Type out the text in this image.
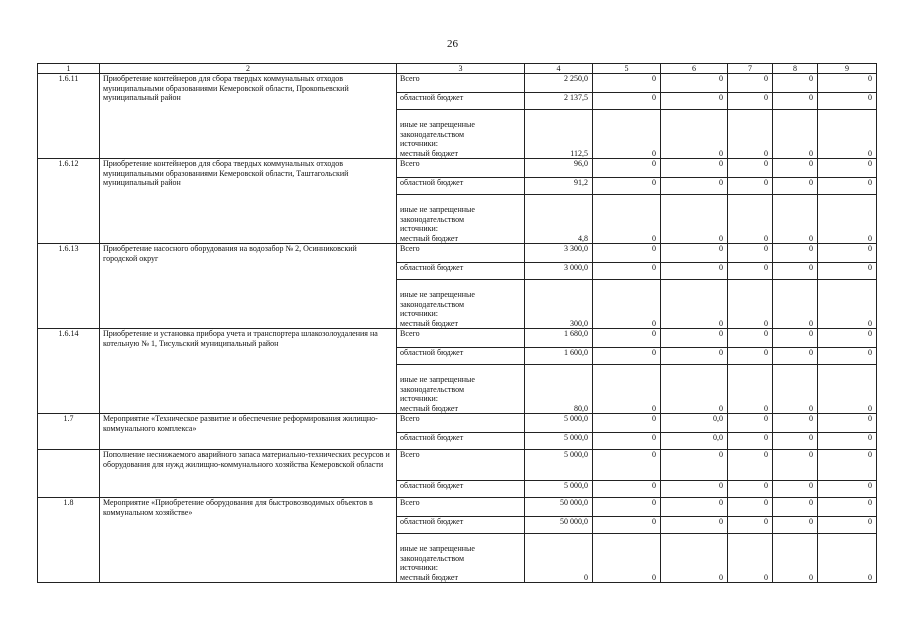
26
1	2	3	4	5	6	7	8	9
1.6.11	Приобретение контейнеров для сбора твердых коммунальных отходов муниципальными образованиями Кемеровской области, Прокопьевский муниципальный район	Всего	2 250,0	0	0	0	0	0
		областной бюджет	2 137,5	0	0	0	0	0
		иные не запрещенные
законодательством
источники:
местный бюджет	112,5	0	0	0	0	0
1.6.12	Приобретение контейнеров для сбора твердых коммунальных отходов муниципальными образованиями Кемеровской области, Таштагольский муниципальный район	Всего	96,0	0	0	0	0	0
		областной бюджет	91,2	0	0	0	0	0
		иные не запрещенные
законодательством
источники:
местный бюджет	4,8	0	0	0	0	0
1.6.13	Приобретение насосного оборудования на водозабор № 2, Осинниковский городской округ	Всего	3 300,0	0	0	0	0	0
		областной бюджет	3 000,0	0	0	0	0	0
		иные не запрещенные
законодательством
источники:
местный бюджет	300,0	0	0	0	0	0
1.6.14	Приобретение и установка прибора учета и транспортера шлакозолоудаления на котельную № 1, Тисульский муниципальный район	Всего	1 680,0	0	0	0	0	0
		областной бюджет	1 600,0	0	0	0	0	0
		иные не запрещенные
законодательством
источники:
местный бюджет	80,0	0	0	0	0	0
1.7	Мероприятие «Техническое развитие и обеспечение реформирования жилищно-коммунального комплекса»	Всего	5 000,0	0	0,0	0	0	0
		областной бюджет	5 000,0	0	0,0	0	0	0
	Пополнение неснижаемого аварийного запаса материально-технических ресурсов и оборудования для нужд жилищно-коммунального хозяйства Кемеровской области	Всего	5 000,0	0	0	0	0	0
		областной бюджет	5 000,0	0	0	0	0	0
1.8	Мероприятие «Приобретение оборудования для быстровозводимых объектов в коммунальном хозяйстве»	Всего	50 000,0	0	0	0	0	0
		областной бюджет	50 000,0	0	0	0	0	0
		иные не запрещенные
законодательством
источники:
местный бюджет	0	0	0	0	0	0
